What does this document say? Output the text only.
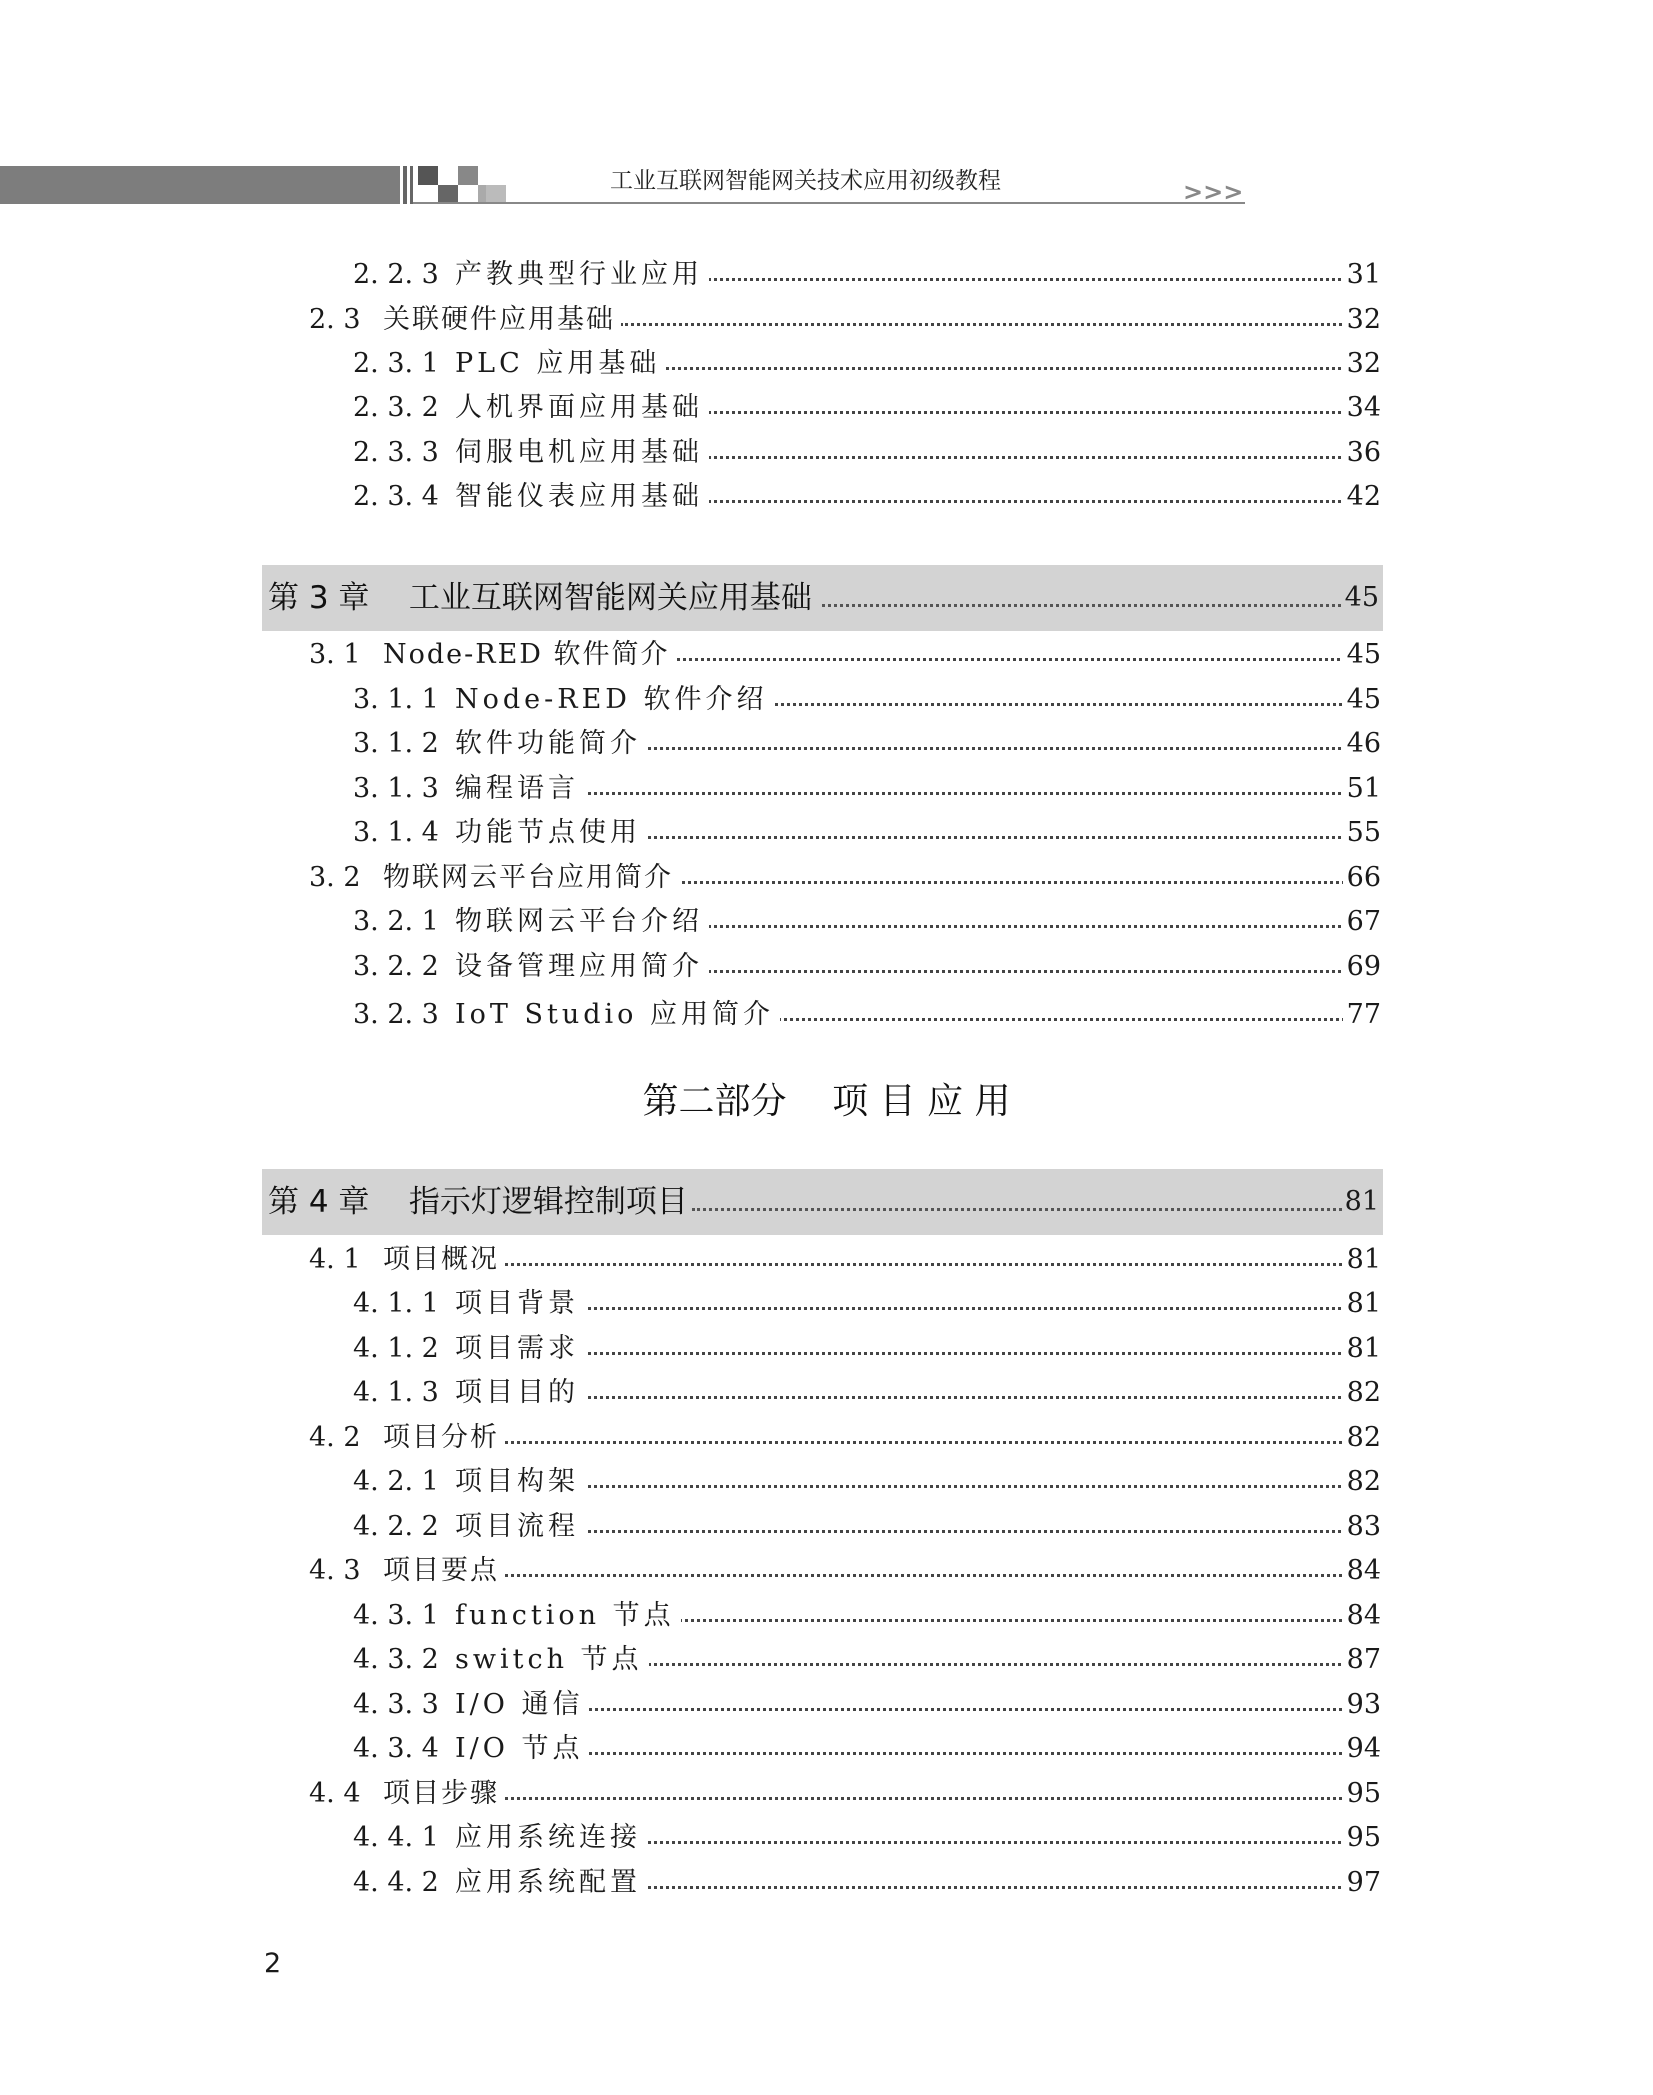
工业互联网智能网关技术应用初级教程	>>>
2. 2. 3 产教典型行业应用	31
2. 3 关联硬件应用基础	32
2. 3. 1 PLC 应用基础	32
2. 3. 2 人机界面应用基础	34
2. 3. 3 伺服电机应用基础	36
2. 3. 4 智能仪表应用基础	42
第 3 章    工业互联网智能网关应用基础	45
3. 1 Node-RED 软件简介	45
3. 1. 1 Node-RED 软件介绍	45
3. 1. 2 软件功能简介	46
3. 1. 3 编程语言	51
3. 1. 4 功能节点使用	55
3. 2 物联网云平台应用简介	66
3. 2. 1 物联网云平台介绍	67
3. 2. 2 设备管理应用简介	69
3. 2. 3 IoT Studio 应用简介	77
第二部分    项 目 应 用
第 4 章    指示灯逻辑控制项目	81
4. 1 项目概况	81
4. 1. 1 项目背景	81
4. 1. 2 项目需求	81
4. 1. 3 项目目的	82
4. 2 项目分析	82
4. 2. 1 项目构架	82
4. 2. 2 项目流程	83
4. 3 项目要点	84
4. 3. 1 function 节点	84
4. 3. 2 switch 节点	87
4. 3. 3 I/O 通信	93
4. 3. 4 I/O 节点	94
4. 4 项目步骤	95
4. 4. 1 应用系统连接	95
4. 4. 2 应用系统配置	97
2
